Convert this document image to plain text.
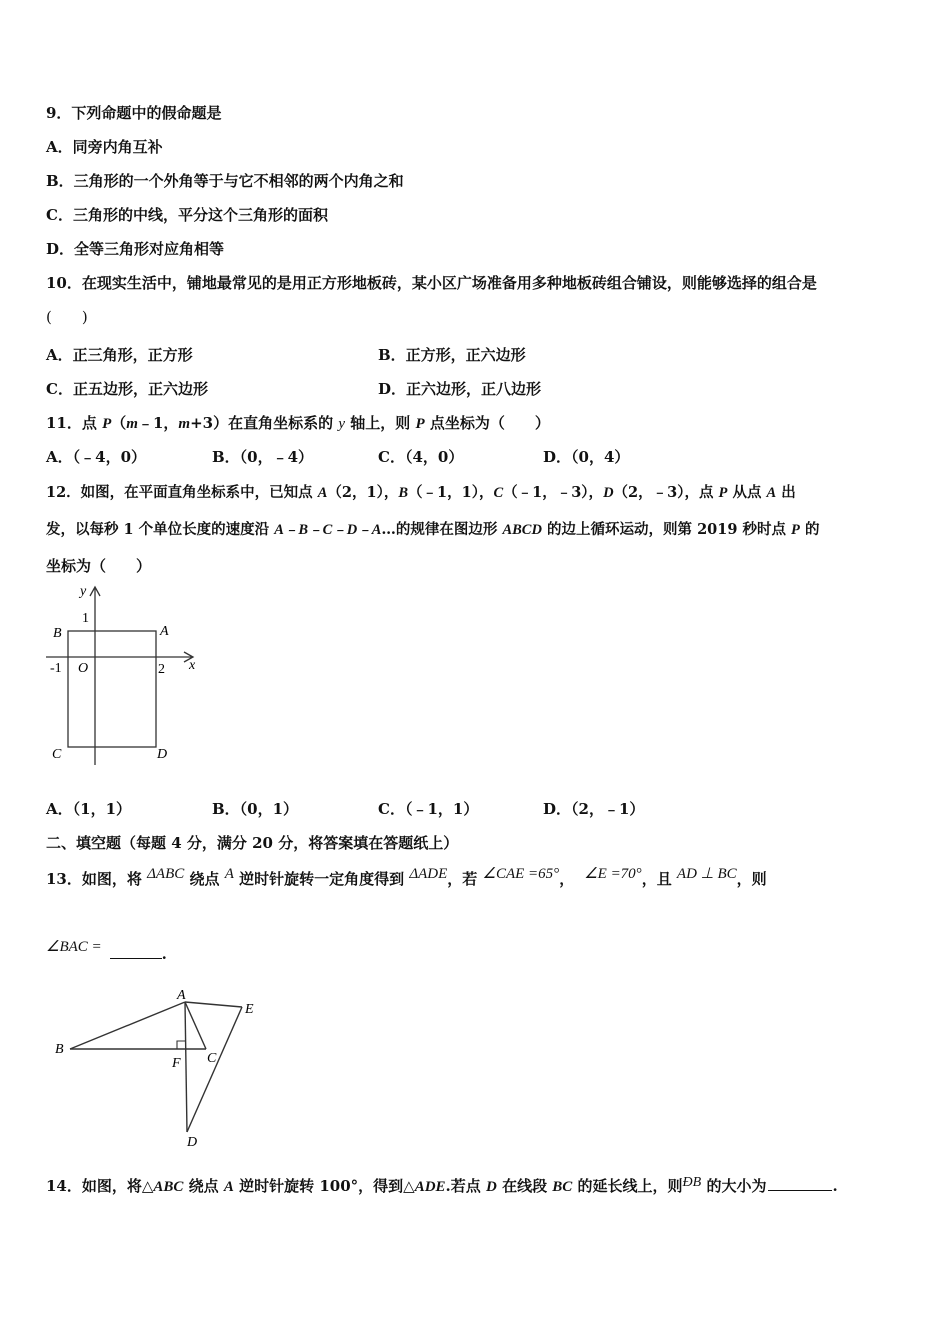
9．下列命题中的假命题是
A．同旁内角互补
B．三角形的一个外角等于与它不相邻的两个内角之和
C．三角形的中线，平分这个三角形的面积
D．全等三角形对应角相等
10．在现实生活中，铺地最常见的是用正方形地板砖，某小区广场准备用多种地板砖组合铺设，则能够选择的组合是
(　　)
A．正三角形，正方形	B．正方形，正六边形
C．正五边形，正六边形	D．正六边形，正八边形
11．点 P（m﹣1，m+3）在直角坐标系的 y 轴上，则 P 点坐标为（　　）
A．（﹣4，0）	B．（0，﹣4）	C．（4，0）	D．（0，4）
12．如图，在平面直角坐标系中，已知点 A（2，1），B（﹣1，1），C（﹣1，﹣3），D（2，﹣3），点 P 从点 A 出
发，以每秒 1 个单位长度的速度沿 A﹣B﹣C﹣D﹣A…的规律在图边形 ABCD 的边上循环运动，则第 2019 秒时点 P 的
坐标为（　　）
y
x
1
-1	2
O
A
B
C	D
A．（1，1）	B．（0，1）	C．（﹣1，1）	D．（2，﹣1）
二、填空题（每题 4 分，满分 20 分，将答案填在答题纸上）
13．如图，将 ΔABC 绕点 A 逆时针旋转一定角度得到 ΔADE，若 ∠CAE =65°， ∠E =70°，且 AD ⊥ BC，则
∠BAC =	.
A
B
C
D
E
F
14．如图，将△ABC 绕点 A 逆时针旋转 100°，得到△ADE.若点 D 在线段 BC 的延长线上，则ÐB 的大小为	.
